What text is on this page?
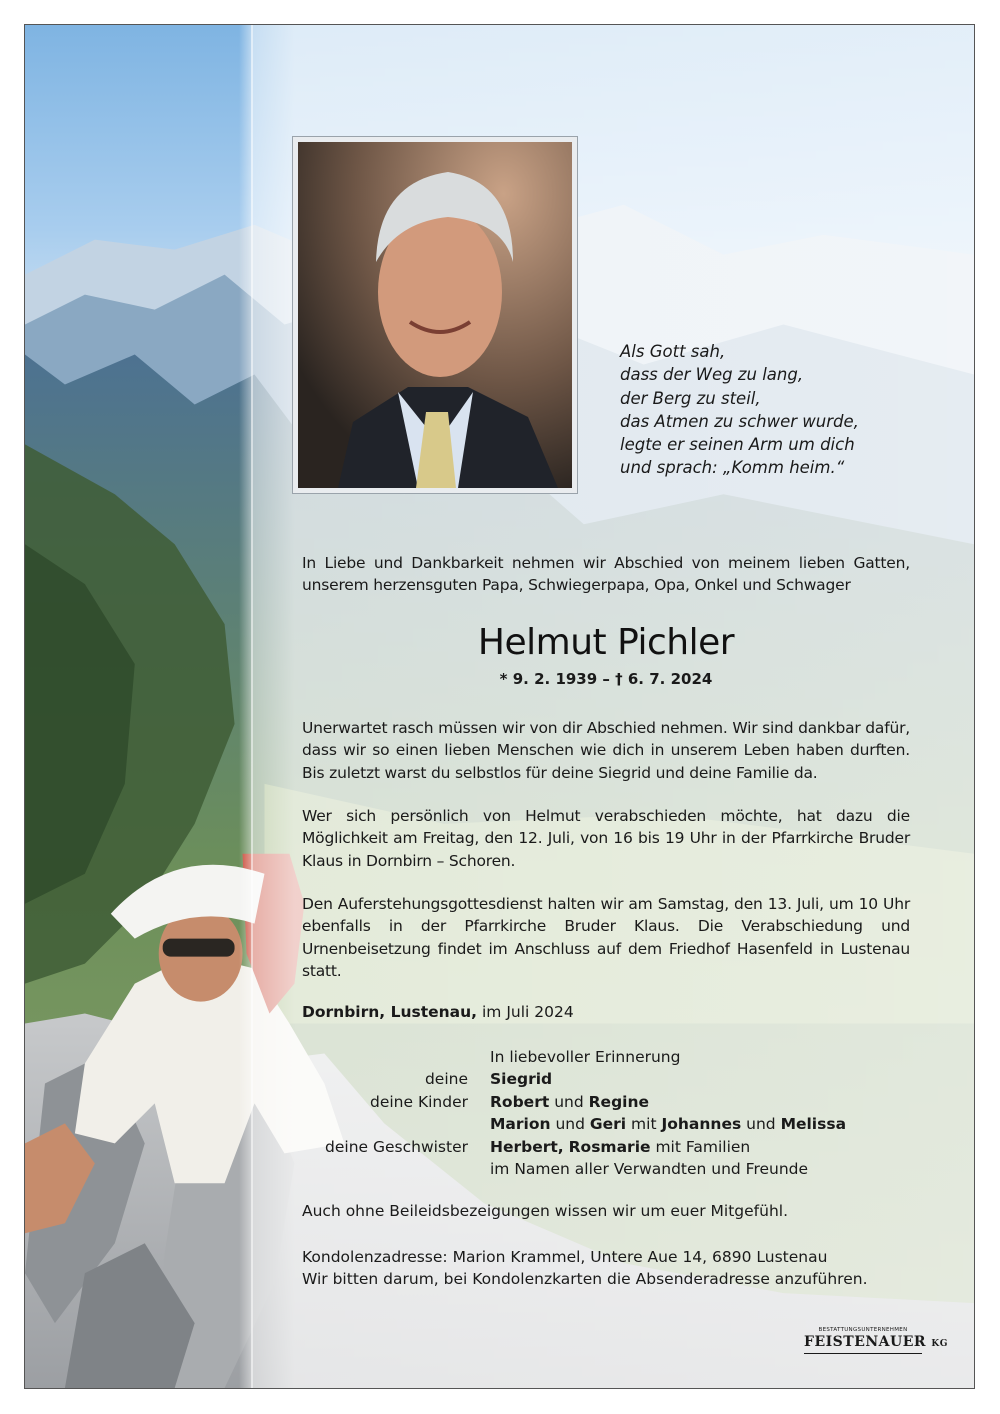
Als Gott sah,
dass der Weg zu lang,
der Berg zu steil,
das Atmen zu schwer wurde,
legte er seinen Arm um dich
und sprach: „Komm heim.“
In Liebe und Dankbarkeit nehmen wir Abschied von meinem lieben Gatten, unserem herzensguten Papa, Schwiegerpapa, Opa, Onkel und Schwager
Helmut Pichler
* 9. 2. 1939 – † 6. 7. 2024
Unerwartet rasch müssen wir von dir Abschied nehmen. Wir sind dankbar dafür, dass wir so einen lieben Menschen wie dich in unserem Leben haben durften. Bis zuletzt warst du selbstlos für deine Siegrid und deine Familie da.
Wer sich persönlich von Helmut verabschieden möchte, hat dazu die Möglichkeit am Freitag, den 12. Juli, von 16 bis 19 Uhr in der Pfarrkirche Bruder Klaus in Dornbirn – Schoren.
Den Auferstehungsgottesdienst halten wir am Samstag, den 13. Juli, um 10 Uhr ebenfalls in der Pfarrkirche Bruder Klaus. Die Verabschiedung und Urnenbeisetzung findet im Anschluss auf dem Friedhof Hasenfeld in Lustenau statt.
Dornbirn, Lustenau, im Juli 2024
In liebevoller Erinnerung
deine	Siegrid
deine Kinder	Robert und Regine
Marion und Geri mit Johannes und Melissa
deine Geschwister	Herbert, Rosmarie mit Familien
im Namen aller Verwandten und Freunde
Auch ohne Beileidsbezeigungen wissen wir um euer Mitgefühl.
Kondolenzadresse: Marion Krammel, Untere Aue 14, 6890 Lustenau
Wir bitten darum, bei Kondolenzkarten die Absenderadresse anzuführen.
BESTATTUNGSUNTERNEHMEN
FEISTENAUER KG
